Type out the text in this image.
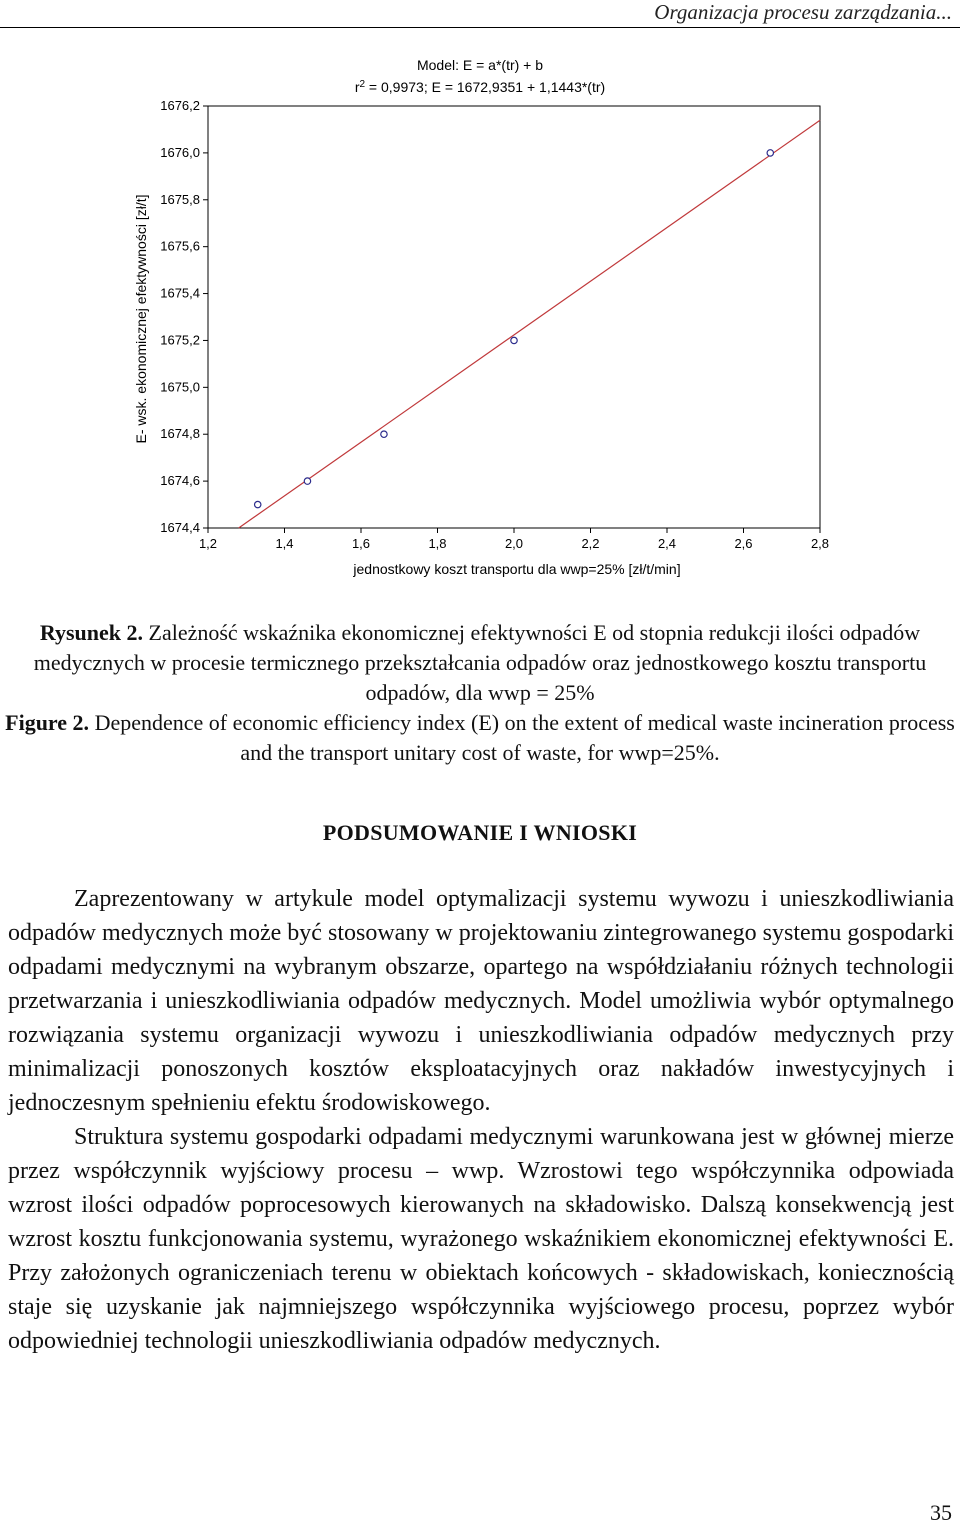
Organizacja procesu zarządzania...
Model: E = a*(tr) + b
$r^2 = 0,9973$; E = 1672,9351 + 1,1443*(tr)
E- wsk. ekonomicznej efektywności [zł/t]
jednostkowy koszt transportu dla wwp=25% [zł/t/min]
1,2	1,4	1,6	1,8	2,0	2,2	2,4	2,6	2,8
1674,4
1674,6
1674,8
1675,0
1675,2
1675,4
1675,6
1675,8
1676,0
1676,2
Rysunek 2. Zależność wskaźnika ekonomicznej efektywności E od stopnia redukcji ilości odpadów medycznych w procesie termicznego przekształcania odpadów oraz jednostkowego kosztu transportu odpadów, dla wwp = 25%
Figure 2. Dependence of economic efficiency index (E) on the extent of medical waste incineration process and the transport unitary cost of waste, for wwp=25%.
PODSUMOWANIE I WNIOSKI

Zaprezentowany w artykule model optymalizacji systemu wywozu i unieszkodliwiania odpadów medycznych może być stosowany w projektowaniu zintegrowanego systemu gospodarki odpadami medycznymi na wybranym obszarze, opartego na współdziałaniu różnych technologii przetwarzania i unieszkodliwiania odpadów medycznych. Model umożliwia wybór optymalnego rozwiązania systemu organizacji wywozu i unieszkodliwiania odpadów medycznych przy minimalizacji ponoszonych kosztów eksploatacyjnych oraz nakładów inwestycyjnych i jednoczesnym spełnieniu efektu środowiskowego.

Struktura systemu gospodarki odpadami medycznymi warunkowana jest w głównej mierze przez współczynnik wyjściowy procesu – wwp. Wzrostowi tego współczynnika odpowiada wzrost ilości odpadów poprocesowych kierowanych na składowisko. Dalszą konsekwencją jest wzrost kosztu funkcjonowania systemu, wyrażonego wskaźnikiem ekonomicznej efektywności E. Przy założonych ograniczeniach terenu w obiektach końcowych - składowiskach, koniecznością staje się uzyskanie jak najmniejszego współczynnika wyjściowego procesu, poprzez wybór odpowiedniej technologii unieszkodliwiania odpadów medycznych.

35
